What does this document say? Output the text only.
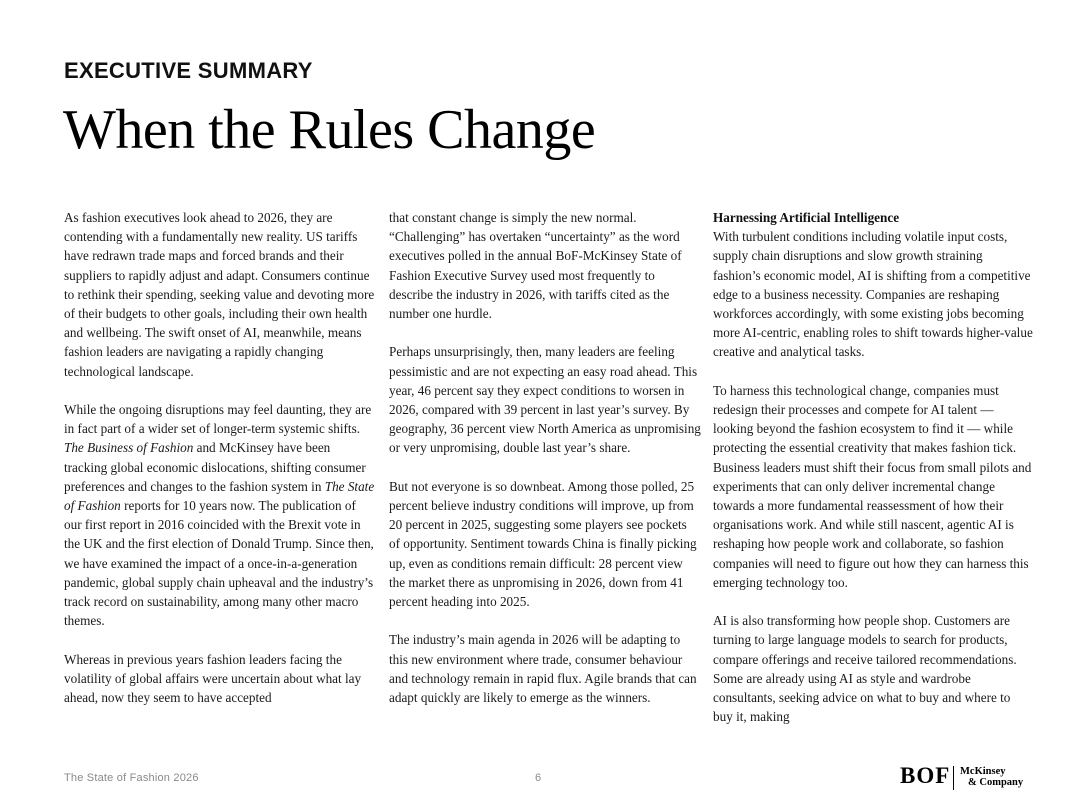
EXECUTIVE SUMMARY
When the Rules Change

As fashion executives look ahead to 2026, they are contending with a fundamentally new reality. US tariffs have redrawn trade maps and forced brands and their suppliers to rapidly adjust and adapt. Consumers continue to rethink their spending, seeking value and devoting more of their budgets to other goals, including their own health and wellbeing. The swift onset of AI, meanwhile, means fashion leaders are navigating a rapidly changing technological landscape.

While the ongoing disruptions may feel daunting, they are in fact part of a wider set of longer-term systemic shifts. The Business of Fashion and McKinsey have been tracking global economic dislocations, shifting consumer preferences and changes to the fashion system in The State of Fashion reports for 10 years now. The publication of our first report in 2016 coincided with the Brexit vote in the UK and the first election of Donald Trump. Since then, we have examined the impact of a once-in-a-generation pandemic, global supply chain upheaval and the industry’s track record on sustainability, among many other macro themes.

Whereas in previous years fashion leaders facing the volatility of global affairs were uncertain about what lay ahead, now they seem to have accepted

that constant change is simply the new normal. “Challenging” has overtaken “uncertainty” as the word executives polled in the annual BoF-McKinsey State of Fashion Executive Survey used most frequently to describe the industry in 2026, with tariffs cited as the number one hurdle.

Perhaps unsurprisingly, then, many leaders are feeling pessimistic and are not expecting an easy road ahead. This year, 46 percent say they expect conditions to worsen in 2026, compared with 39 percent in last year’s survey. By geography, 36 percent view North America as unpromising or very unpromising, double last year’s share.

But not everyone is so downbeat. Among those polled, 25 percent believe industry conditions will improve, up from 20 percent in 2025, suggesting some players see pockets of opportunity. Sentiment towards China is finally picking up, even as conditions remain difficult: 28 percent view the market there as unpromising in 2026, down from 41 percent heading into 2025.

The industry’s main agenda in 2026 will be adapting to this new environment where trade, consumer behaviour and technology remain in rapid flux. Agile brands that can adapt quickly are likely to emerge as the winners.

Harnessing Artificial Intelligence

With turbulent conditions including volatile input costs, supply chain disruptions and slow growth straining fashion’s economic model, AI is shifting from a competitive edge to a business necessity. Companies are reshaping workforces accordingly, with some existing jobs becoming more AI-centric, enabling roles to shift towards higher-value creative and analytical tasks.

To harness this technological change, companies must redesign their processes and compete for AI talent — looking beyond the fashion ecosystem to find it — while protecting the essential creativity that makes fashion tick. Business leaders must shift their focus from small pilots and experiments that can only deliver incremental change towards a more fundamental reassessment of how their organisations work. And while still nascent, agentic AI is reshaping how people work and collaborate, so fashion companies will need to figure out how they can harness this emerging technology too.

AI is also transforming how people shop. Customers are turning to large language models to search for products, compare offerings and receive tailored recommendations. Some are already using AI as style and wardrobe consultants, seeking advice on what to buy and where to buy it, making

The State of Fashion 2026	6	BOF McKinsey
& Company
